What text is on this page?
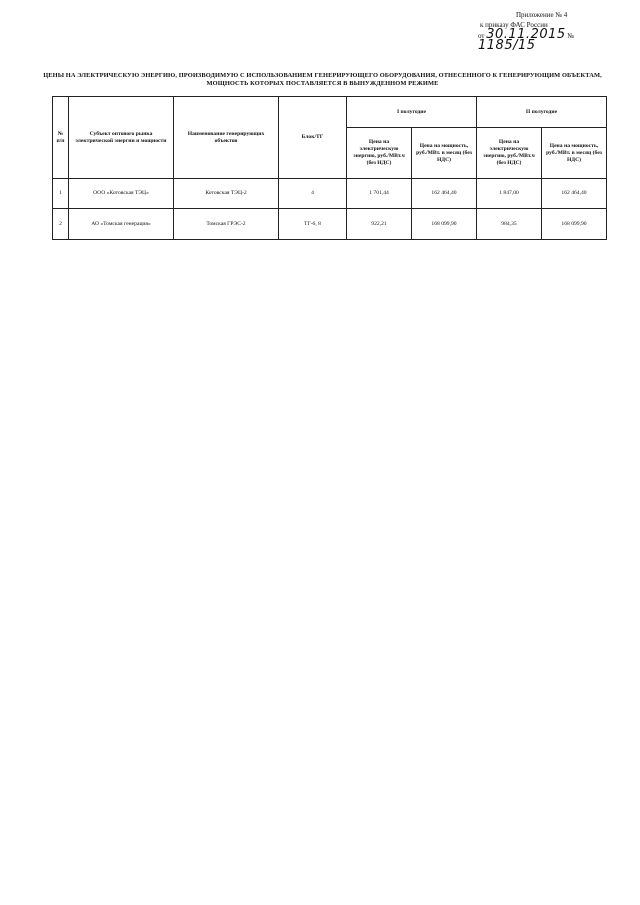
Приложение № 4
к приказу ФАС России
от 30.11.2015 № 1185/15
ЦЕНЫ НА ЭЛЕКТРИЧЕСКУЮ ЭНЕРГИЮ, ПРОИЗВОДИМУЮ С ИСПОЛЬЗОВАНИЕМ ГЕНЕРИРУЮЩЕГО ОБОРУДОВАНИЯ, ОТНЕСЕННОГО К ГЕНЕРИРУЮЩИМ ОБЪЕКТАМ, МОЩНОСТЬ КОТОРЫХ ПОСТАВЛЯЕТСЯ В ВЫНУЖДЕННОМ РЕЖИМЕ
№ п/п	Субъект оптового рынка электрической энергии и мощности	Наименование генерирующих объектов	Блок/ТГ	I полугодие		II полугодие	
				Цена на электрическую энергию, руб./МВт.ч (без НДС)	Цена на мощность, руб./МВт. в месяц (без НДС)	Цена на электрическую энергию, руб./МВт.ч (без НДС)	Цена на мощность, руб./МВт. в месяц (без НДС)
1	ООО «Котовская ТЭЦ»	Котовская ТЭЦ-2	4	1 701,44	162 464,40	1 847,00	162 464,40
2	АО «Томская генерация»	Томская ГРЭС-2	ТГ-6, 8	922,21	168 099,90	984,35	168 099,90
